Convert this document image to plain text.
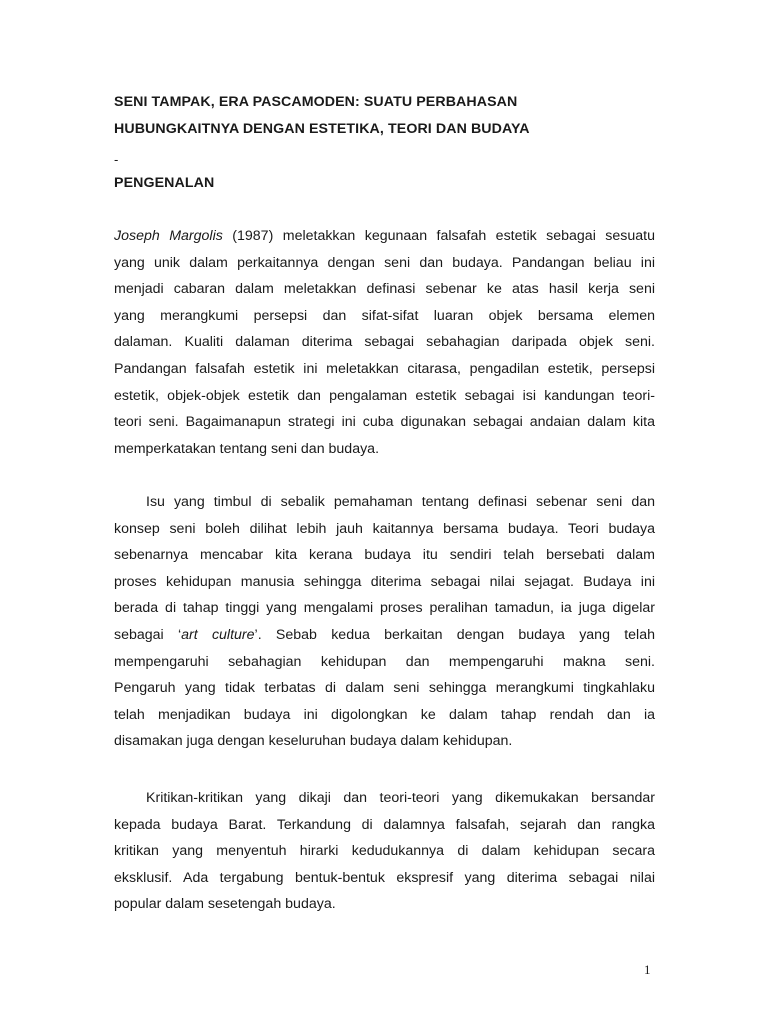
SENI TAMPAK, ERA PASCAMODEN: SUATU PERBAHASAN
HUBUNGKAITNYA DENGAN ESTETIKA, TEORI DAN BUDAYA
-
PENGENALAN
Joseph Margolis (1987) meletakkan kegunaan falsafah estetik sebagai sesuatu
yang unik dalam perkaitannya dengan seni dan budaya. Pandangan beliau ini
menjadi cabaran dalam meletakkan definasi sebenar ke atas hasil kerja seni
yang merangkumi persepsi dan sifat-sifat luaran objek bersama elemen
dalaman. Kualiti dalaman diterima sebagai sebahagian daripada objek seni.
Pandangan falsafah estetik ini meletakkan citarasa, pengadilan estetik, persepsi
estetik, objek-objek estetik dan pengalaman estetik sebagai isi kandungan teori-
teori seni. Bagaimanapun strategi ini cuba digunakan sebagai andaian dalam kita
memperkatakan tentang seni dan budaya.
Isu yang timbul di sebalik pemahaman tentang definasi sebenar seni dan
konsep seni boleh dilihat lebih jauh kaitannya bersama budaya. Teori budaya
sebenarnya mencabar kita kerana budaya itu sendiri telah bersebati dalam
proses kehidupan manusia sehingga diterima sebagai nilai sejagat. Budaya ini
berada di tahap tinggi yang mengalami proses peralihan tamadun, ia juga digelar
sebagai ‘art culture’. Sebab kedua berkaitan dengan budaya yang telah
mempengaruhi sebahagian kehidupan dan mempengaruhi makna seni.
Pengaruh yang tidak terbatas di dalam seni sehingga merangkumi tingkahlaku
telah menjadikan budaya ini digolongkan ke dalam tahap rendah dan ia
disamakan juga dengan keseluruhan budaya dalam kehidupan.
Kritikan-kritikan yang dikaji dan teori-teori yang dikemukakan bersandar
kepada budaya Barat. Terkandung di dalamnya falsafah, sejarah dan rangka
kritikan yang menyentuh hirarki kedudukannya di dalam kehidupan secara
eksklusif. Ada tergabung bentuk-bentuk ekspresif yang diterima sebagai nilai
popular dalam sesetengah budaya.
1
